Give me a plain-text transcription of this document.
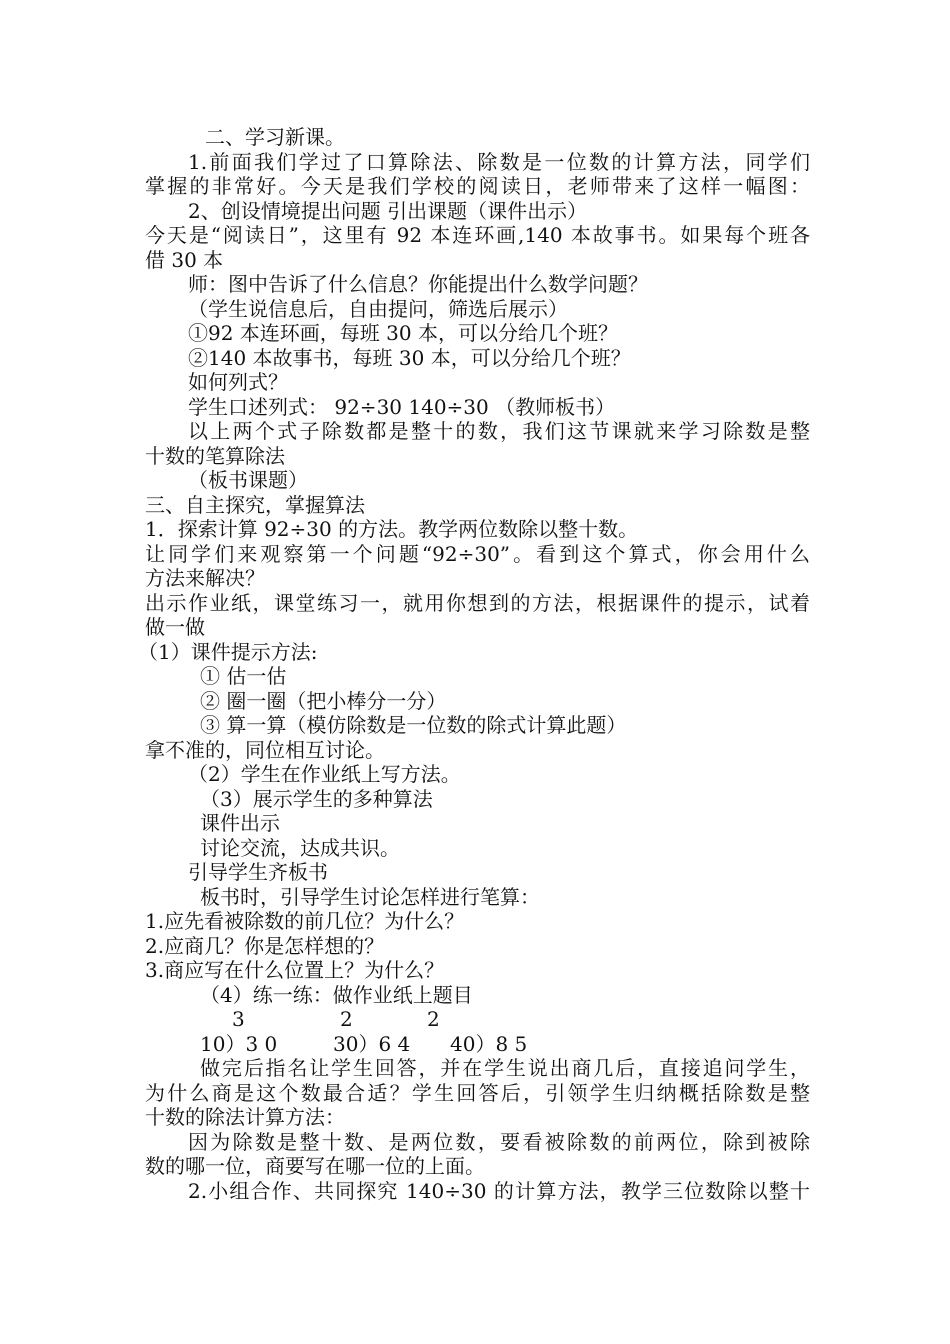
二、学习新课。
1.前面我们学过了口算除法、除数是一位数的计算方法，同学们
掌握的非常好。今天是我们学校的阅读日，老师带来了这样一幅图：
2、创设情境提出问题 引出课题（课件出示）
今天是“阅读日”，这里有 92 本连环画,140 本故事书。如果每个班各
借 30 本
师：图中告诉了什么信息？你能提出什么数学问题？
（学生说信息后，自由提问，筛选后展示）
①92 本连环画，每班 30 本，可以分给几个班？
②140 本故事书，每班 30 本，可以分给几个班？
如何列式？
学生口述列式： 92÷30 140÷30 （教师板书）
以上两个式子除数都是整十的数，我们这节课就来学习除数是整
十数的笔算除法
（板书课题）
三、自主探究，掌握算法
1．探索计算 92÷30 的方法。教学两位数除以整十数。
让同学们来观察第一个问题“92÷30”。看到这个算式，你会用什么
方法来解决？
出示作业纸，课堂练习一，就用你想到的方法，根据课件的提示，试着
做一做
（1）课件提示方法:
① 估一估
② 圈一圈（把小棒分一分）
③ 算一算（模仿除数是一位数的除式计算此题）
拿不准的，同位相互讨论。
（2）学生在作业纸上写方法。
（3）展示学生的多种算法
课件出示
讨论交流，达成共识。
引导学生齐板书
板书时，引导学生讨论怎样进行笔算：
1.应先看被除数的前几位？为什么？
2.应商几？你是怎样想的？
3.商应写在什么位置上？为什么？
（4）练一练：做作业纸上题目
3	2	2
10）3 0	30）6 4 40）8 5
做完后指名让学生回答，并在学生说出商几后，直接追问学生，
为什么商是这个数最合适？学生回答后，引领学生归纳概括除数是整
十数的除法计算方法：
因为除数是整十数、是两位数，要看被除数的前两位，除到被除
数的哪一位，商要写在哪一位的上面。
2.小组合作、共同探究 140÷30 的计算方法，教学三位数除以整十
